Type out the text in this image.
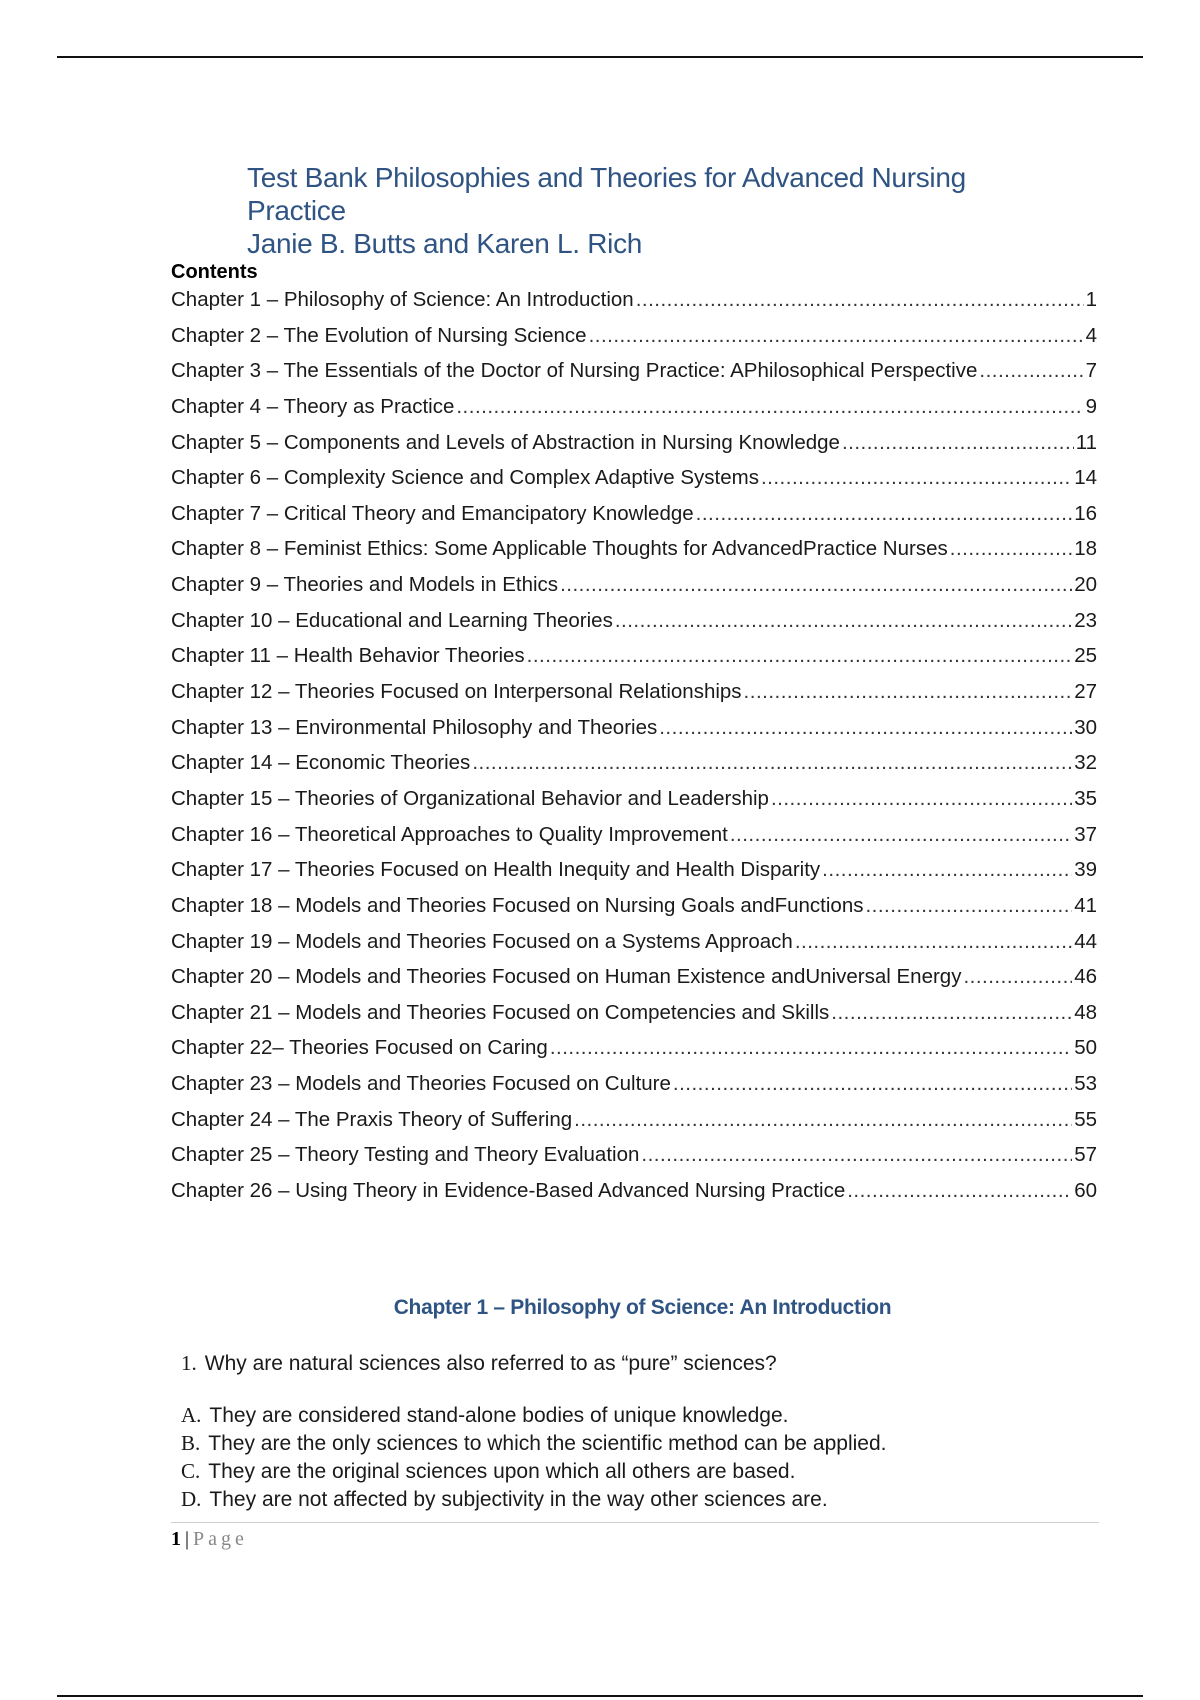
Test Bank Philosophies and Theories for Advanced Nursing
Practice
Janie B. Butts and Karen L. Rich
Contents
Chapter 1 – Philosophy of Science: An Introduction .....	1
Chapter 2 – The Evolution of Nursing Science .....	4
Chapter 3 – The Essentials of the Doctor of Nursing Practice: APhilosophical Perspective .....	7
Chapter 4 – Theory as Practice .....	9
Chapter 5 – Components and Levels of Abstraction in Nursing Knowledge .....	11
Chapter 6 – Complexity Science and Complex Adaptive Systems .....	14
Chapter 7 – Critical Theory and Emancipatory Knowledge .....	16
Chapter 8 – Feminist Ethics: Some Applicable Thoughts for AdvancedPractice Nurses .....	18
Chapter 9 – Theories and Models in Ethics .....	20
Chapter 10 – Educational and Learning Theories .....	23
Chapter 11 – Health Behavior Theories .....	25
Chapter 12 – Theories Focused on Interpersonal Relationships .....	27
Chapter 13 – Environmental Philosophy and Theories .....	30
Chapter 14 – Economic Theories .....	32
Chapter 15 – Theories of Organizational Behavior and Leadership .....	35
Chapter 16 – Theoretical Approaches to Quality Improvement .....	37
Chapter 17 – Theories Focused on Health Inequity and Health Disparity .....	39
Chapter 18 – Models and Theories Focused on Nursing Goals andFunctions .....	41
Chapter 19 – Models and Theories Focused on a Systems Approach .....	44
Chapter 20 – Models and Theories Focused on Human Existence andUniversal Energy .....	46
Chapter 21 – Models and Theories Focused on Competencies and Skills .....	48
Chapter 22– Theories Focused on Caring .....	50
Chapter 23 – Models and Theories Focused on Culture .....	53
Chapter 24 – The Praxis Theory of Suffering .....	55
Chapter 25 – Theory Testing and Theory Evaluation .....	57
Chapter 26 – Using Theory in Evidence-Based Advanced Nursing Practice .....	60
Chapter 1 – Philosophy of Science: An Introduction
1. Why are natural sciences also referred to as “pure” sciences?
A. They are considered stand-alone bodies of unique knowledge.
B. They are the only sciences to which the scientific method can be applied.
C. They are the original sciences upon which all others are based.
D. They are not affected by subjectivity in the way other sciences are.
1 | Page
